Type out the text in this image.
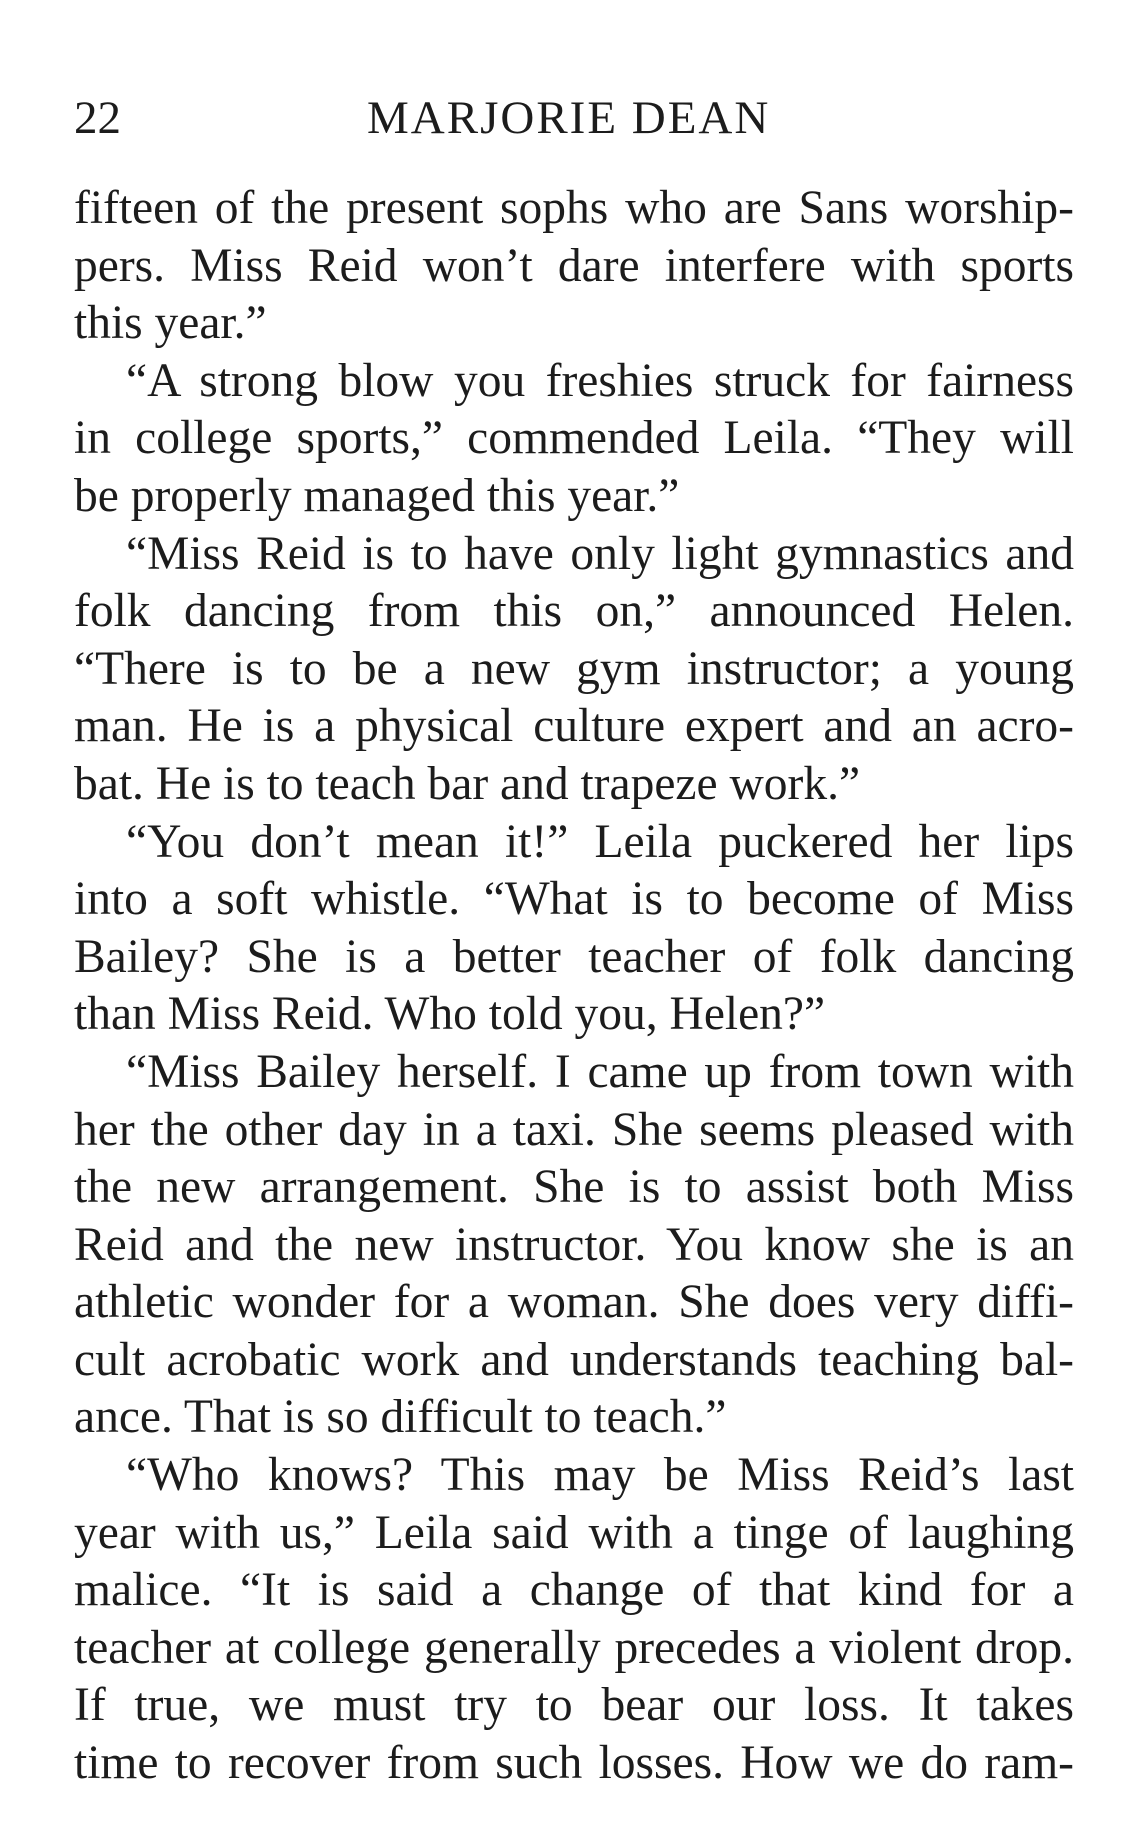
22	MARJORIE DEAN
fifteen of the present sophs who are Sans worship-
pers. Miss Reid won’t dare interfere with sports
this year.”
“A strong blow you freshies struck for fairness
in college sports,” commended Leila. “They will
be properly managed this year.”
“Miss Reid is to have only light gymnastics and
folk dancing from this on,” announced Helen.
“There is to be a new gym instructor; a young
man. He is a physical culture expert and an acro-
bat. He is to teach bar and trapeze work.”
“You don’t mean it!” Leila puckered her lips
into a soft whistle. “What is to become of Miss
Bailey? She is a better teacher of folk dancing
than Miss Reid. Who told you, Helen?”
“Miss Bailey herself. I came up from town with
her the other day in a taxi. She seems pleased with
the new arrangement. She is to assist both Miss
Reid and the new instructor. You know she is an
athletic wonder for a woman. She does very diffi-
cult acrobatic work and understands teaching bal-
ance. That is so difficult to teach.”
“Who knows? This may be Miss Reid’s last
year with us,” Leila said with a tinge of laughing
malice. “It is said a change of that kind for a
teacher at college generally precedes a violent drop.
If true, we must try to bear our loss. It takes
time to recover from such losses. How we do ram-
